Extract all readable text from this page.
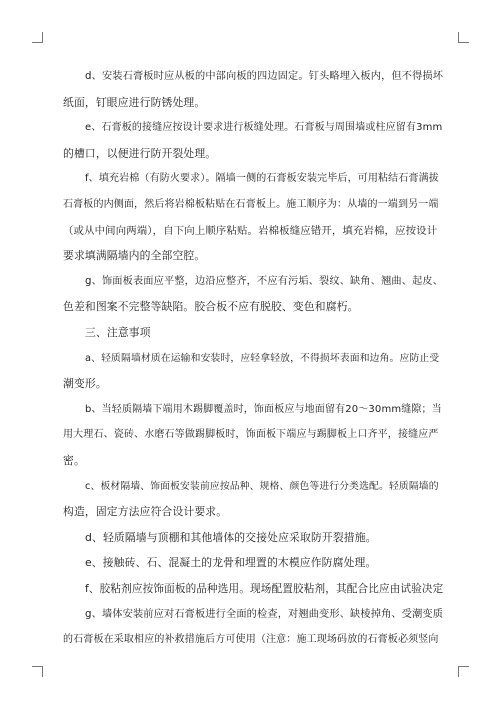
d、安装石膏板时应从板的中部向板的四边固定。钉头略埋入板内，但不得损坏
纸面，钉眼应进行防锈处理。
e、石膏板的接缝应按设计要求进行板缝处理。石膏板与周围墙或柱应留有3mm
的槽口，以便进行防开裂处理。
f、填充岩棉（有防火要求）。隔墙一侧的石膏板安装完毕后，可用粘结石膏满拔
石膏板的内侧面，然后将岩棉板粘贴在石膏板上。施工顺序为：从墙的一端到另一端
（或从中间向两端），自下向上顺序粘贴。岩棉板缝应错开，填充岩棉，应按设计
要求填满隔墙内的全部空腔。
g、饰面板表面应平整，边沿应整齐，不应有污垢、裂纹、缺角、翘曲、起皮、
色差和图案不完整等缺陷。胶合板不应有脱胶、变色和腐朽。
三、注意事项
a、轻质隔墙材质在运输和安装时，应轻拿轻放，不得损坏表面和边角。应防止受
潮变形。
b、当轻质隔墙下端用木踢脚覆盖时，饰面板应与地面留有20～30mm缝隙；当
用大理石、瓷砖、水磨石等做踢脚板时，饰面板下端应与踢脚板上口齐平，接缝应严
密。
c、板材隔墙、饰面板安装前应按品种、规格、颜色等进行分类选配。轻质隔墙的
构造，固定方法应符合设计要求。
d、轻质隔墙与顶棚和其他墙体的交接处应采取防开裂措施。
e、接触砖、石、混凝土的龙骨和埋置的木模应作防腐处理。
f、胶粘剂应按饰面板的品种选用。现场配置胶粘剂，其配合比应由试验决定
g、墙体安装前应对石膏板进行全面的检查，对翘曲变形、缺棱掉角、受潮变质
的石膏板在采取相应的补救措施后方可使用（注意：施工现场码放的石膏板必须竖向
